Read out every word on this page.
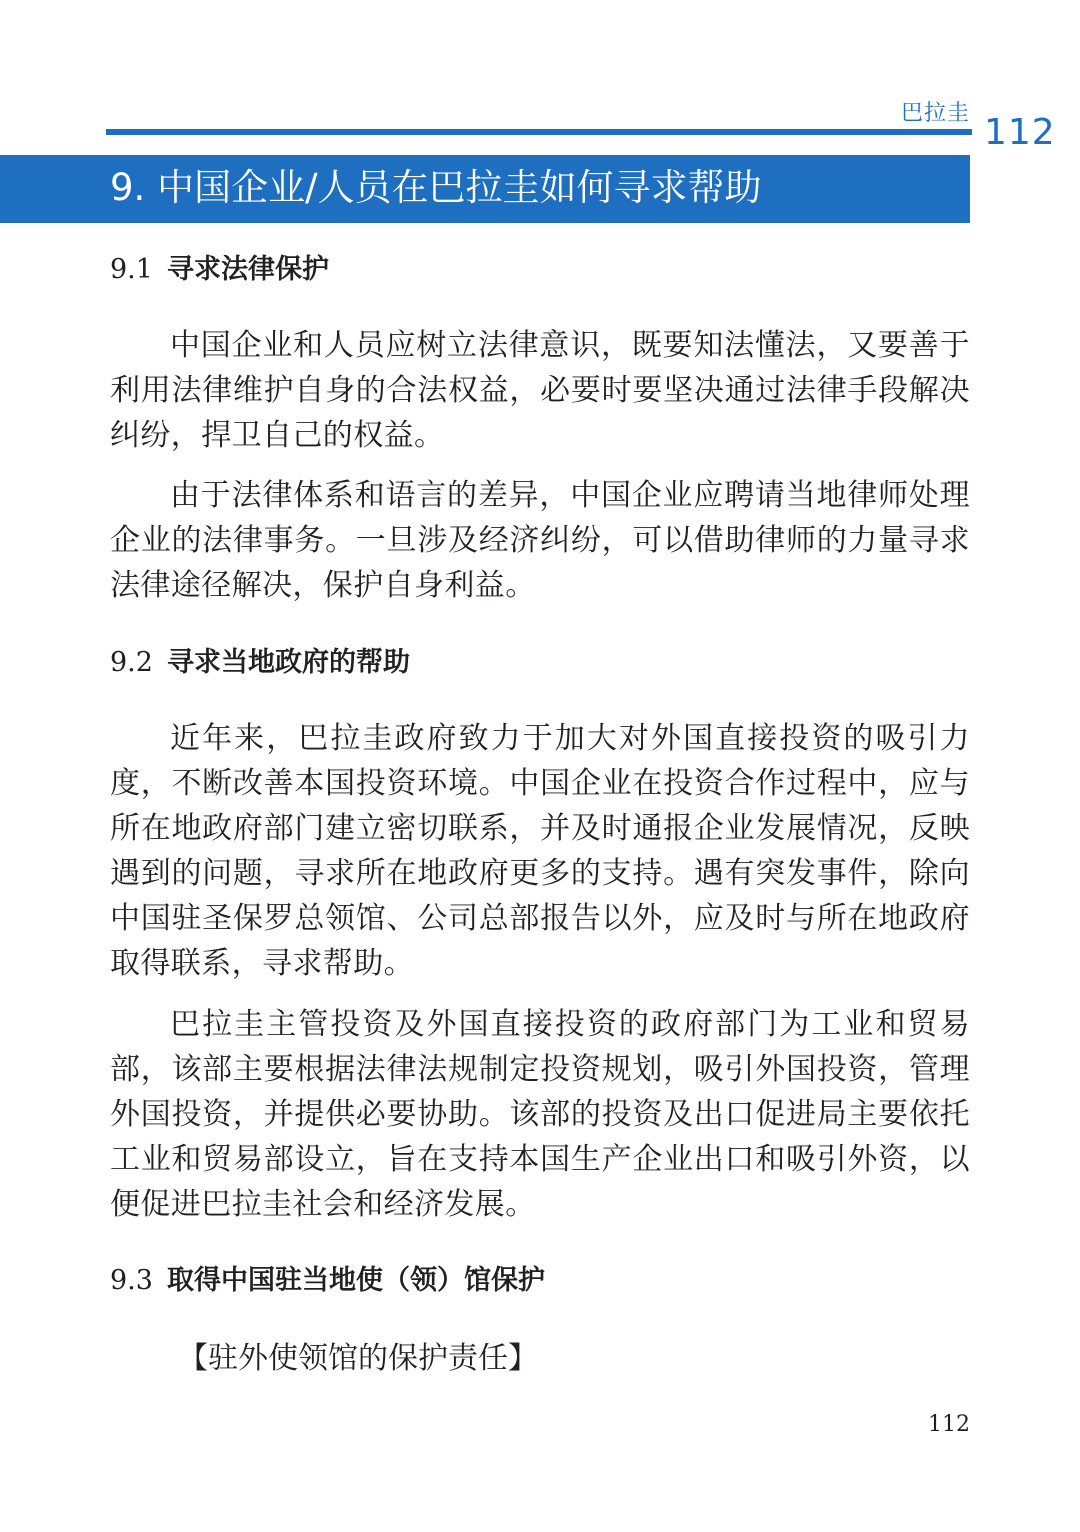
巴拉圭 112
9. 中国企业/人员在巴拉圭如何寻求帮助
9.1 寻求法律保护

中国企业和人员应树立法律意识，既要知法懂法，又要善于利用法律维护自身的合法权益，必要时要坚决通过法律手段解决纠纷，捍卫自己的权益。

由于法律体系和语言的差异，中国企业应聘请当地律师处理企业的法律事务。一旦涉及经济纠纷，可以借助律师的力量寻求法律途径解决，保护自身利益。

9.2 寻求当地政府的帮助

近年来，巴拉圭政府致力于加大对外国直接投资的吸引力度，不断改善本国投资环境。中国企业在投资合作过程中，应与所在地政府部门建立密切联系，并及时通报企业发展情况，反映遇到的问题，寻求所在地政府更多的支持。遇有突发事件，除向中国驻圣保罗总领馆、公司总部报告以外，应及时与所在地政府取得联系，寻求帮助。

巴拉圭主管投资及外国直接投资的政府部门为工业和贸易部，该部主要根据法律法规制定投资规划，吸引外国投资，管理外国投资，并提供必要协助。该部的投资及出口促进局主要依托工业和贸易部设立，旨在支持本国生产企业出口和吸引外资，以便促进巴拉圭社会和经济发展。

9.3 取得中国驻当地使（领）馆保护
【驻外使领馆的保护责任】
112
